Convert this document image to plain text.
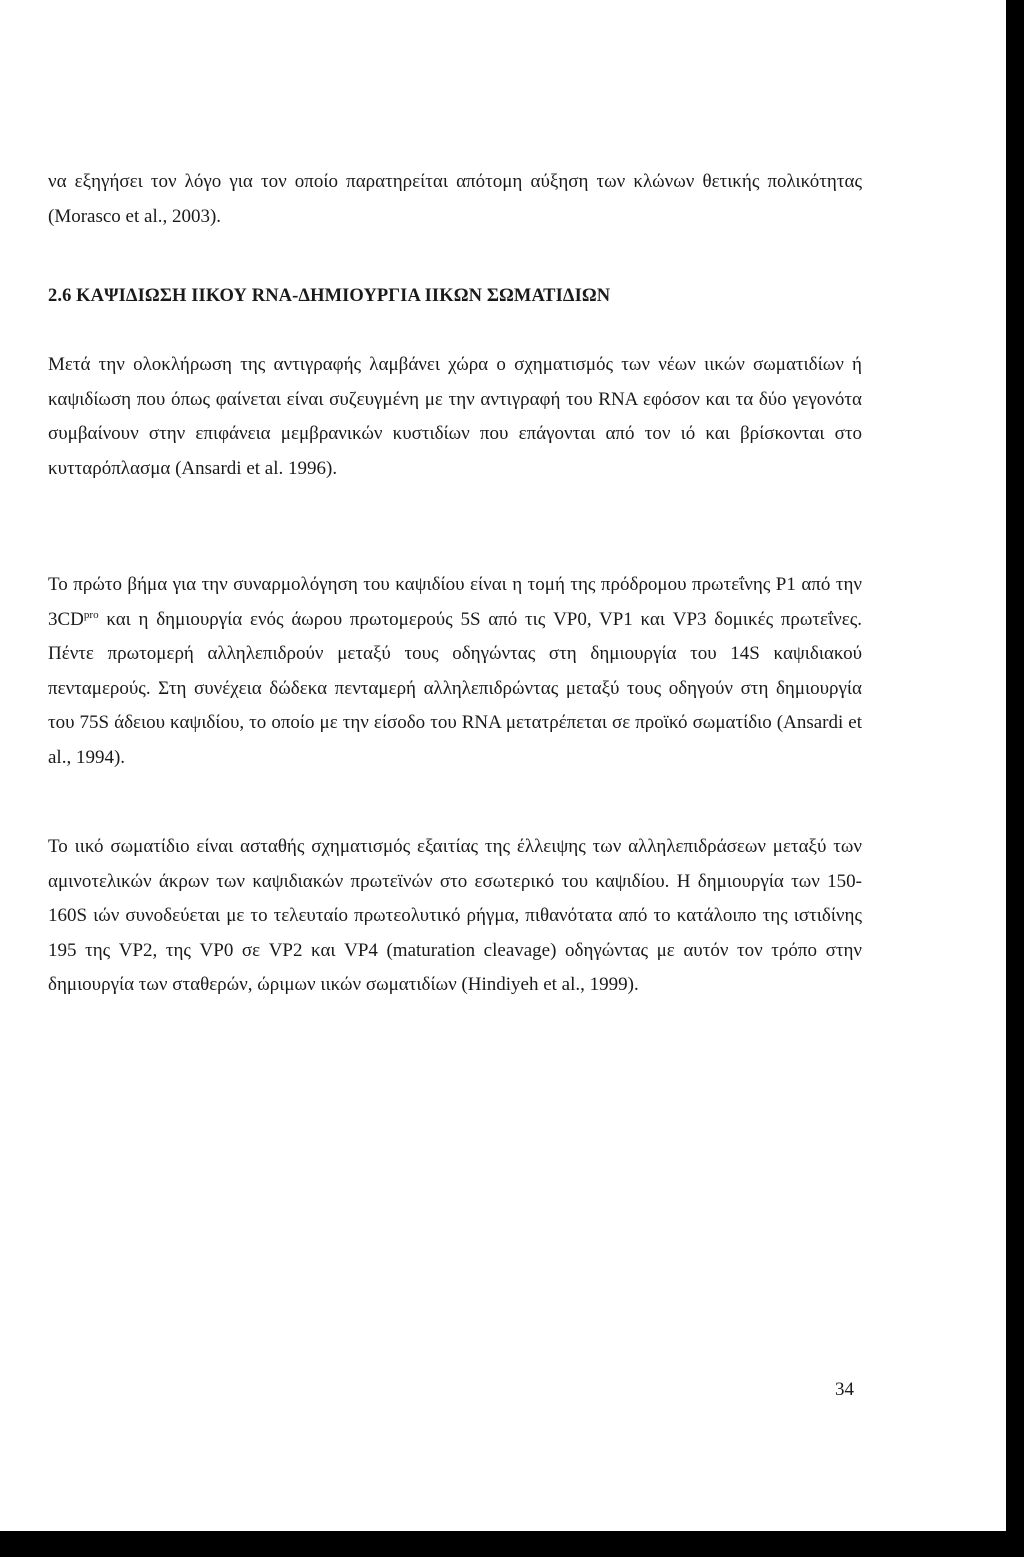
να εξηγήσει τον λόγο για τον οποίο παρατηρείται απότομη αύξηση των κλώνων θετικής πολικότητας (Morasco et al., 2003).

2.6 ΚΑΨΙΔΙΩΣΗ ΙΙΚΟΥ RNA-ΔΗΜΙΟΥΡΓΙΑ ΙΙΚΩΝ ΣΩΜΑΤΙΔΙΩΝ

Μετά την ολοκλήρωση της αντιγραφής λαμβάνει χώρα ο σχηματισμός των νέων ιικών σωματιδίων ή καψιδίωση που όπως φαίνεται είναι συζευγμένη με την αντιγραφή του RNA εφόσον και τα δύο γεγονότα συμβαίνουν στην επιφάνεια μεμβρανικών κυστιδίων που επάγονται από τον ιό και βρίσκονται στο κυτταρόπλασμα (Ansardi et al. 1996).

Το πρώτο βήμα για την συναρμολόγηση του καψιδίου είναι η τομή της πρόδρομου πρωτεΐνης P1 από την $3CD^{pro}$ και η δημιουργία ενός άωρου πρωτομερούς 5S από τις VP0, VP1 και VP3 δομικές πρωτεΐνες. Πέντε πρωτομερή αλληλεπιδρούν μεταξύ τους οδηγώντας στη δημιουργία του 14S καψιδιακού πενταμερούς. Στη συνέχεια δώδεκα πενταμερή αλληλεπιδρώντας μεταξύ τους οδηγούν στη δημιουργία του 75S άδειου καψιδίου, το οποίο με την είσοδο του RNA μετατρέπεται σε προϊκό σωματίδιο (Ansardi et al., 1994).

Το ιικό σωματίδιο είναι ασταθής σχηματισμός εξαιτίας της έλλειψης των αλληλεπιδράσεων μεταξύ των αμινοτελικών άκρων των καψιδιακών πρωτεϊνών στο εσωτερικό του καψιδίου. Η δημιουργία των 150-160S ιών συνοδεύεται με το τελευταίο πρωτεολυτικό ρήγμα, πιθανότατα από το κατάλοιπο της ιστιδίνης 195 της VP2, της VP0 σε VP2 και VP4 (maturation cleavage) οδηγώντας με αυτόν τον τρόπο στην δημιουργία των σταθερών, ώριμων ιικών σωματιδίων (Hindiyeh et al., 1999).

34
